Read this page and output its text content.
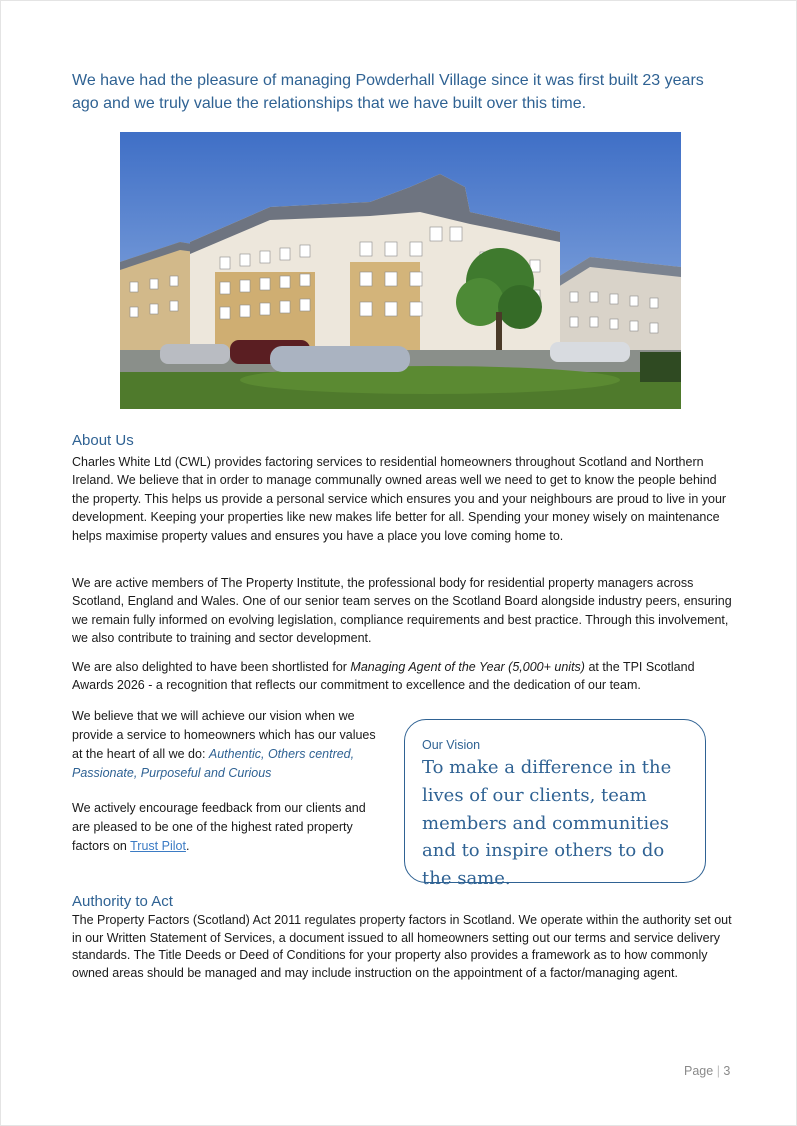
We have had the pleasure of managing Powderhall Village since it was first built 23 years ago and we truly value the relationships that we have built over this time.

About Us

Charles White Ltd (CWL) provides factoring services to residential homeowners throughout Scotland and Northern Ireland. We believe that in order to manage communally owned areas well we need to get to know the people behind the property. This helps us provide a personal service which ensures you and your neighbours are proud to live in your development. Keeping your properties like new makes life better for all. Spending your money wisely on maintenance helps maximise property values and ensures you have a place you love coming home to.

We are active members of The Property Institute, the professional body for residential property managers across Scotland, England and Wales. One of our senior team serves on the Scotland Board alongside industry peers, ensuring we remain fully informed on evolving legislation, compliance requirements and best practice. Through this involvement, we also contribute to training and sector development.

We are also delighted to have been shortlisted for Managing Agent of the Year (5,000+ units) at the TPI Scotland Awards 2026 - a recognition that reflects our commitment to excellence and the dedication of our team.

We believe that we will achieve our vision when we provide a service to homeowners which has our values at the heart of all we do: Authentic, Others centred, Passionate, Purposeful and Curious

We actively encourage feedback from our clients and are pleased to be one of the highest rated property factors on Trust Pilot.

Our Vision

To make a difference in the lives of our clients, team members and communities and to inspire others to do the same.

Authority to Act

The Property Factors (Scotland) Act 2011 regulates property factors in Scotland. We operate within the authority set out in our Written Statement of Services, a document issued to all homeowners setting out our terms and service delivery standards. The Title Deeds or Deed of Conditions for your property also provides a framework as to how commonly owned areas should be managed and may include instruction on the appointment of a factor/managing agent.

Page | 3
